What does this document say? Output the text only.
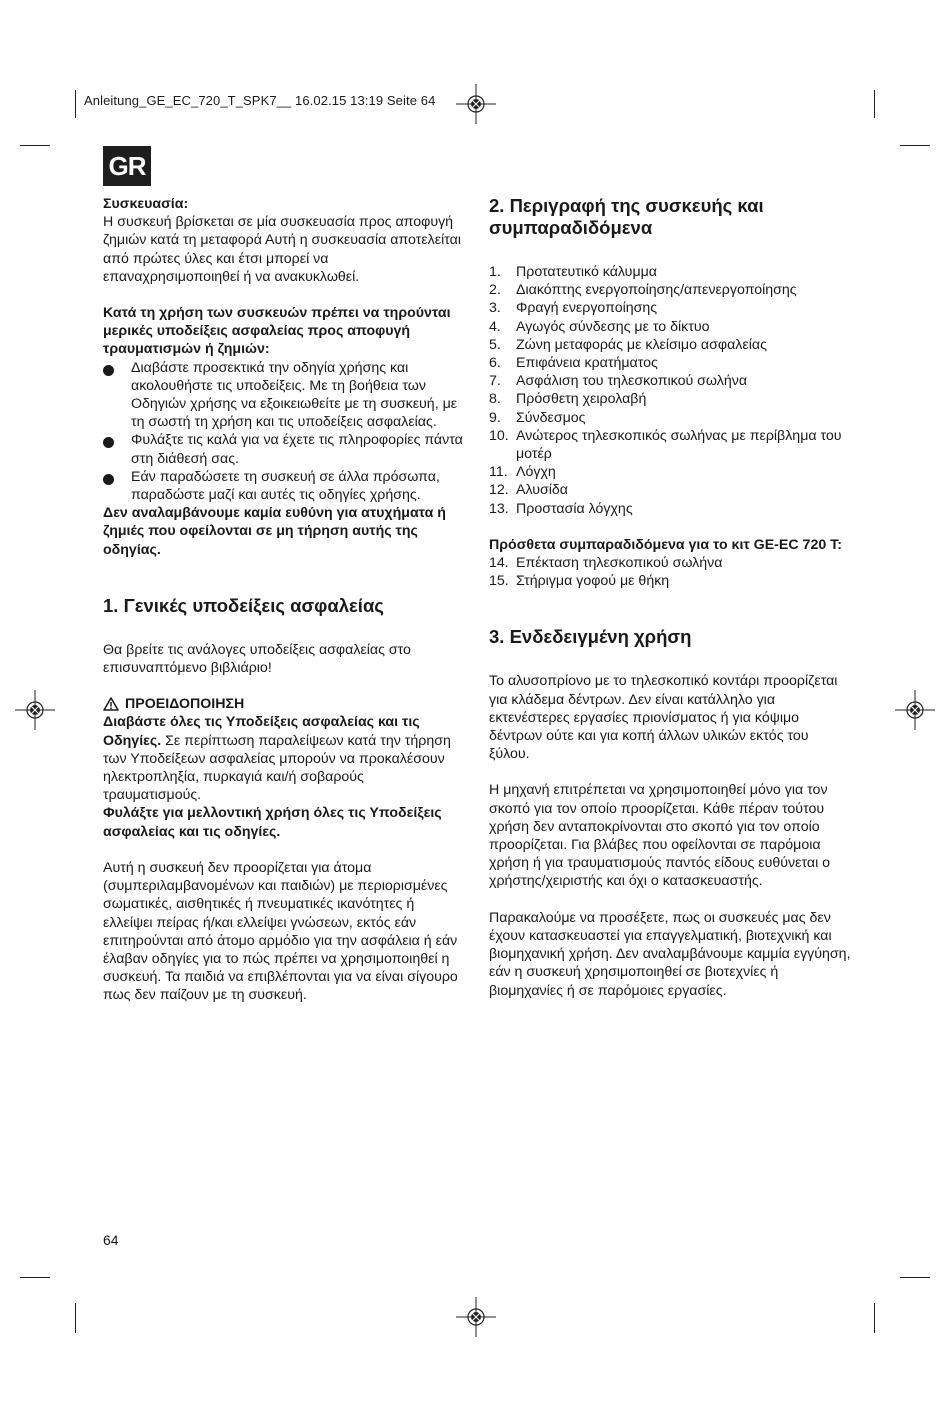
Anleitung_GE_EC_720_T_SPK7__ 16.02.15 13:19 Seite 64
GR

Συσκευασία:

Η συσκευή βρίσκεται σε μία συσκευασία προς αποφυγή ζημιών κατά τη μεταφορά Αυτή η συσκευασία αποτελείται από πρώτες ύλες και έτσι μπορεί να επαναχρησιμοποιηθεί ή να ανακυκλωθεί.

Κατά τη χρήση των συσκευών πρέπει να τηρούνται μερικές υποδείξεις ασφαλείας προς αποφυγή τραυματισμών ή ζημιών:

Διαβάστε προσεκτικά την οδηγία χρήσης και ακολουθήστε τις υποδείξεις. Με τη βοήθεια των Οδηγιών χρήσης να εξοικειωθείτε με τη συσκευή, με τη σωστή τη χρήση και τις υποδείξεις ασφαλείας.
Φυλάξτε τις καλά για να έχετε τις πληροφορίες πάντα στη διάθεσή σας.
Εάν παραδώσετε τη συσκευή σε άλλα πρόσωπα, παραδώστε μαζί και αυτές τις οδηγίες χρήσης.

Δεν αναλαμβάνουμε καμία ευθύνη για ατυχήματα ή ζημιές που οφείλονται σε μη τήρηση αυτής της οδηγίας.

1. Γενικές υποδείξεις ασφαλείας

Θα βρείτε τις ανάλογες υποδείξεις ασφαλείας στο επισυναπτόμενο βιβλιάριο!

ΠΡΟΕΙΔΟΠΟΙΗΣΗ

Διαβάστε όλες τις Υποδείξεις ασφαλείας και τις Οδηγίες. Σε περίπτωση παραλείψεων κατά την τήρηση των Υποδείξεων ασφαλείας μπορούν να προκαλέσουν ηλεκτροπληξία, πυρκαγιά και/ή σοβαρούς τραυματισμούς.

Φυλάξτε για μελλοντική χρήση όλες τις Υποδείξεις ασφαλείας και τις οδηγίες.

Αυτή η συσκευή δεν προορίζεται για άτομα (συμπεριλαμβανομένων και παιδιών) με περιορισμένες σωματικές, αισθητικές ή πνευματικές ικανότητες ή ελλείψει πείρας ή/και ελλείψει γνώσεων, εκτός εάν επιτηρούνται από άτομο αρμόδιο για την ασφάλεια ή εάν έλαβαν οδηγίες για το πώς πρέπει να χρησιμοποιηθεί η συσκευή. Τα παιδιά να επιβλέπονται για να είναι σίγουρο πως δεν παίζουν με τη συσκευή.

2. Περιγραφή της συσκευής και συμπαραδιδόμενα
1. Προτατευτικό κάλυμμα
2. Διακόπτης ενεργοποίησης/απενεργοποίησης
3. Φραγή ενεργοποίησης
4. Αγωγός σύνδεσης με το δίκτυο
5. Ζώνη μεταφοράς με κλείσιμο ασφαλείας
6. Επιφάνεια κρατήματος
7. Ασφάλιση του τηλεσκοπικού σωλήνα
8. Πρόσθετη χειρολαβή
9. Σύνδεσμος
10. Ανώτερος τηλεσκοπικός σωλήνας με περίβλημα του μοτέρ
11. Λόγχη
12. Αλυσίδα
13. Προστασία λόγχης

Πρόσθετα συμπαραδιδόμενα για το κιτ GE-EC 720 T:

14. Επέκταση τηλεσκοπικού σωλήνα
15. Στήριγμα γοφού με θήκη
3. Ενδεδειγμένη χρήση

Το αλυσοπρίονο με το τηλεσκοπικό κοντάρι προορίζεται για κλάδεμα δέντρων. Δεν είναι κατάλληλο για εκτενέστερες εργασίες πριονίσματος ή για κόψιμο δέντρων ούτε και για κοπή άλλων υλικών εκτός του ξύλου.

Η μηχανή επιτρέπεται να χρησιμοποιηθεί μόνο για τον σκοπό για τον οποίο προορίζεται. Κάθε πέραν τούτου χρήση δεν ανταποκρίνονται στο σκοπό για τον οποίο προορίζεται. Για βλάβες που οφείλονται σε παρόμοια χρήση ή για τραυματισμούς παντός είδους ευθύνεται ο χρήστης/χειριστής και όχι ο κατασκευαστής.

Παρακαλούμε να προσέξετε, πως οι συσκευές μας δεν έχουν κατασκευαστεί για επαγγελματική, βιοτεχνική και βιομηχανική χρήση. Δεν αναλαμβάνουμε καμμία εγγύηση, εάν η συσκευή χρησιμοποιηθεί σε βιοτεχνίες ή βιομηχανίες ή σε παρόμοιες εργασίες.

64
